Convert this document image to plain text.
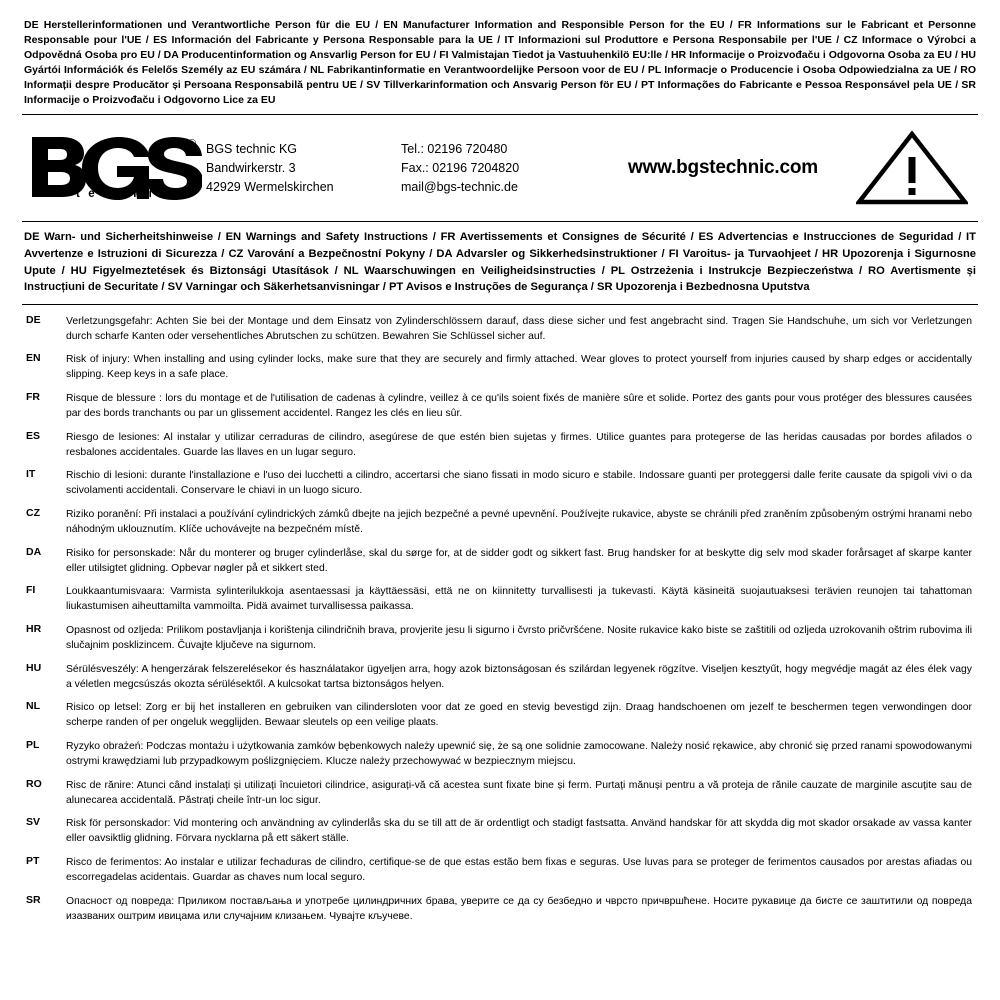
DE Herstellerinformationen und Verantwortliche Person für die EU / EN Manufacturer Information and Responsible Person for the EU / FR Informations sur le Fabricant et Personne Responsable pour l'UE / ES Información del Fabricante y Persona Responsable para la UE / IT Informazioni sul Produttore e Persona Responsabile per l'UE / CZ Informace o Výrobci a Odpovědná Osoba pro EU / DA Producentinformation og Ansvarlig Person for EU / FI Valmistajan Tiedot ja Vastuuhenkilö EU:lle / HR Informacije o Proizvođaču i Odgovorna Osoba za EU / HU Gyártói Információk és Felelős Személy az EU számára / NL Fabrikantinformatie en Verantwoordelijke Persoon voor de EU / PL Informacje o Producencie i Osoba Odpowiedzialna za UE / RO Informații despre Producător și Persoana Responsabilă pentru UE / SV Tillverkarinformation och Ansvarig Person för EU / PT Informações do Fabricante e Pessoa Responsável pela UE / SR Informacije o Proizvođaču i Odgovorno Lice za EU
®
t e c h n i c
BGS technic KG
Bandwirkerstr. 3
42929 Wermelskirchen
Tel.: 02196 720480
Fax.: 02196 7204820
mail@bgs-technic.de
www.bgstechnic.com
DE Warn- und Sicherheitshinweise / EN Warnings and Safety Instructions / FR Avertissements et Consignes de Sécurité / ES Advertencias e Instrucciones de Seguridad / IT Avvertenze e Istruzioni di Sicurezza / CZ Varování a Bezpečnostní Pokyny / DA Advarsler og Sikkerhedsinstruktioner / FI Varoitus- ja Turvaohjeet / HR Upozorenja i Sigurnosne Upute / HU Figyelmeztetések és Biztonsági Utasítások / NL Waarschuwingen en Veiligheidsinstructies / PL Ostrzeżenia i Instrukcje Bezpieczeństwa / RO Avertismente și Instrucțiuni de Securitate / SV Varningar och Säkerhetsanvisningar / PT Avisos e Instruções de Segurança / SR Upozorenja i Bezbednosna Uputstva
DE	Verletzungsgefahr: Achten Sie bei der Montage und dem Einsatz von Zylinderschlössern darauf, dass diese sicher und fest angebracht sind. Tragen Sie Handschuhe, um sich vor Verletzungen durch scharfe Kanten oder versehentliches Abrutschen zu schützen. Bewahren Sie Schlüssel sicher auf.
EN	Risk of injury: When installing and using cylinder locks, make sure that they are securely and firmly attached. Wear gloves to protect yourself from injuries caused by sharp edges or accidentally slipping. Keep keys in a safe place.
FR	Risque de blessure : lors du montage et de l'utilisation de cadenas à cylindre, veillez à ce qu'ils soient fixés de manière sûre et solide. Portez des gants pour vous protéger des blessures causées par des bords tranchants ou par un glissement accidentel. Rangez les clés en lieu sûr.
ES	Riesgo de lesiones: Al instalar y utilizar cerraduras de cilindro, asegúrese de que estén bien sujetas y firmes. Utilice guantes para protegerse de las heridas causadas por bordes afilados o resbalones accidentales. Guarde las llaves en un lugar seguro.
IT	Rischio di lesioni: durante l'installazione e l'uso dei lucchetti a cilindro, accertarsi che siano fissati in modo sicuro e stabile. Indossare guanti per proteggersi dalle ferite causate da spigoli vivi o da scivolamenti accidentali. Conservare le chiavi in un luogo sicuro.
CZ	Riziko poranění: Při instalaci a používání cylindrických zámků dbejte na jejich bezpečné a pevné upevnění. Používejte rukavice, abyste se chránili před zraněním způsobeným ostrými hranami nebo náhodným uklouznutím. Klíče uchovávejte na bezpečném místě.
DA	Risiko for personskade: Når du monterer og bruger cylinderlåse, skal du sørge for, at de sidder godt og sikkert fast. Brug handsker for at beskytte dig selv mod skader forårsaget af skarpe kanter eller utilsigtet glidning. Opbevar nøgler på et sikkert sted.
FI	Loukkaantumisvaara: Varmista sylinterilukkoja asentaessasi ja käyttäessäsi, että ne on kiinnitetty turvallisesti ja tukevasti. Käytä käsineitä suojautuaksesi terävien reunojen tai tahattoman liukastumisen aiheuttamilta vammoilta. Pidä avaimet turvallisessa paikassa.
HR	Opasnost od ozljeda: Prilikom postavljanja i korištenja cilindričnih brava, provjerite jesu li sigurno i čvrsto pričvršćene. Nosite rukavice kako biste se zaštitili od ozljeda uzrokovanih oštrim rubovima ili slučajnim posklizincem. Čuvajte ključeve na sigurnom.
HU	Sérülésveszély: A hengerzárak felszerelésekor és használatakor ügyeljen arra, hogy azok biztonságosan és szilárdan legyenek rögzítve. Viseljen kesztyűt, hogy megvédje magát az éles élek vagy a véletlen megcsúszás okozta sérülésektől. A kulcsokat tartsa biztonságos helyen.
NL	Risico op letsel: Zorg er bij het installeren en gebruiken van cilindersloten voor dat ze goed en stevig bevestigd zijn. Draag handschoenen om jezelf te beschermen tegen verwondingen door scherpe randen of per ongeluk wegglijden. Bewaar sleutels op een veilige plaats.
PL	Ryzyko obrażeń: Podczas montażu i użytkowania zamków bębenkowych należy upewnić się, że są one solidnie zamocowane. Należy nosić rękawice, aby chronić się przed ranami spowodowanymi ostrymi krawędziami lub przypadkowym poślizgnięciem. Klucze należy przechowywać w bezpiecznym miejscu.
RO	Risc de rănire: Atunci când instalați și utilizați încuietori cilindrice, asigurați-vă că acestea sunt fixate bine și ferm. Purtați mănuși pentru a vă proteja de rănile cauzate de marginile ascuțite sau de alunecarea accidentală. Păstrați cheile într-un loc sigur.
SV	Risk för personskador: Vid montering och användning av cylinderlås ska du se till att de är ordentligt och stadigt fastsatta. Använd handskar för att skydda dig mot skador orsakade av vassa kanter eller oavsiktlig glidning. Förvara nycklarna på ett säkert ställe.
PT	Risco de ferimentos: Ao instalar e utilizar fechaduras de cilindro, certifique-se de que estas estão bem fixas e seguras. Use luvas para se proteger de ferimentos causados por arestas afiadas ou escorregadelas acidentais. Guardar as chaves num local seguro.
SR	Опасност од повреда: Приликом постављања и употребе цилиндричних брава, уверите се да су безбедно и чврсто причвршћене. Носите рукавице да бисте се заштитили од повреда изазваних оштрим ивицама или случајним клизањем. Чувајте кључеве.
